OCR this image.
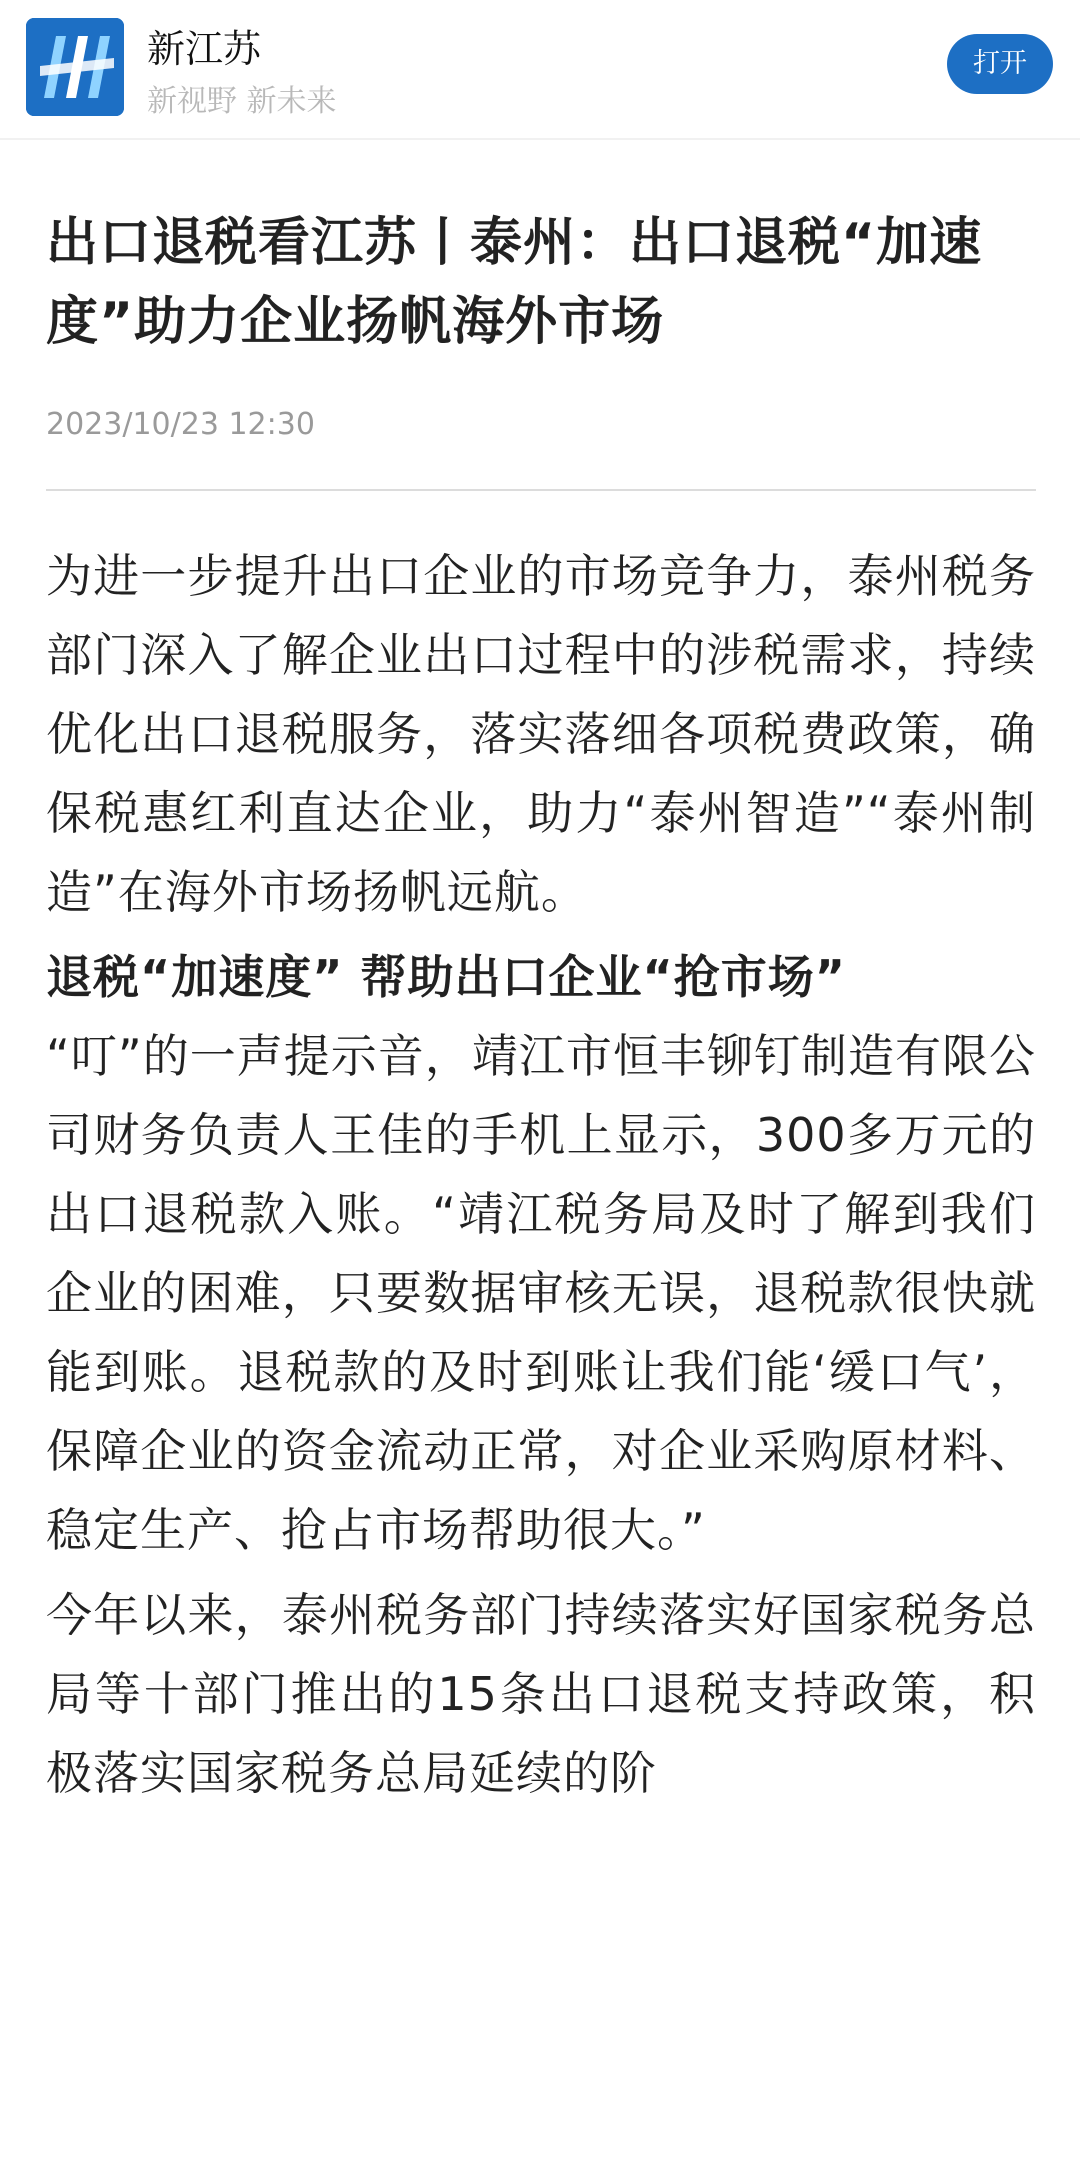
新江苏
新视野 新未来
打开
出口退税看江苏丨泰州：出口退税“加速度”助力企业扬帆海外市场
2023/10/23 12:30

为进一步提升出口企业的市场竞争力，泰州税务部门深入了解企业出口过程中的涉税需求，持续优化出口退税服务，落实落细各项税费政策，确保税惠红利直达企业，助力“泰州智造”“泰州制造”在海外市场扬帆远航。

退税“加速度” 帮助出口企业“抢市场”

“叮”的一声提示音，靖江市恒丰铆钉制造有限公司财务负责人王佳的手机上显示，300多万元的出口退税款入账。“靖江税务局及时了解到我们企业的困难，只要数据审核无误，退税款很快就能到账。退税款的及时到账让我们能‘缓口气’，保障企业的资金流动正常，对企业采购原材料、稳定生产、抢占市场帮助很大。”

今年以来，泰州税务部门持续落实好国家税务总局等十部门推出的15条出口退税支持政策，积极落实国家税务总局延续的阶
